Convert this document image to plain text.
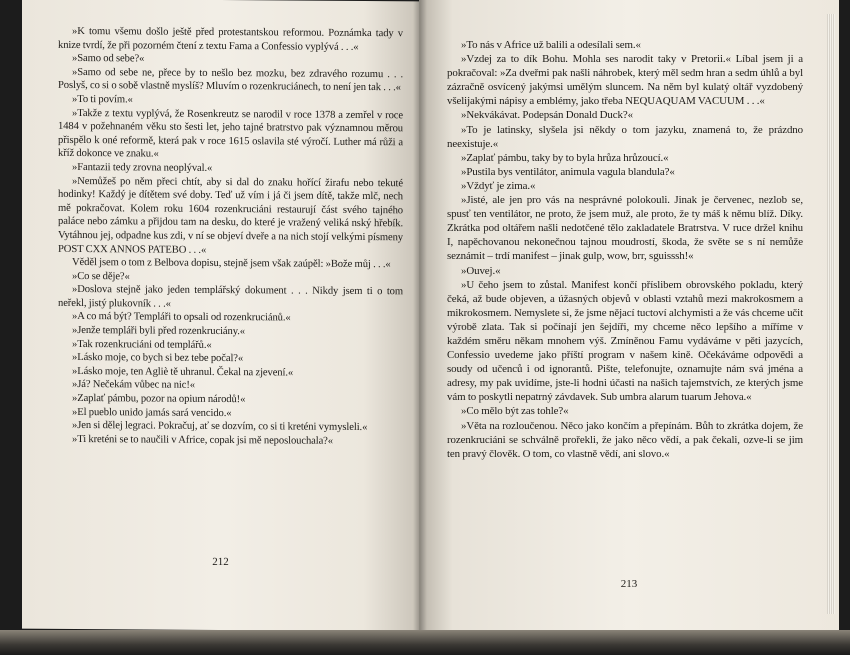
»K tomu všemu došlo ještě před protestantskou reformou. Poznámka tady v knize tvrdí, že při pozorném čtení z textu Fama a Confessio vyplývá . . .«

»Samo od sebe?«

»Samo od sebe ne, přece by to nešlo bez mozku, bez zdravého rozumu . . . Poslyš, co si o sobě vlastně myslíš? Mluvím o rozenkruciánech, to není jen tak . . .«

»To ti povím.«

»Takže z textu vyplývá, že Rosenkreutz se narodil v roce 1378 a zemřel v roce 1484 v požehnaném věku sto šesti let, jeho tajné bratrstvo pak významnou měrou přispělo k oné reformě, která pak v roce 1615 oslavila sté výročí. Luther má růži a kříž dokonce ve znaku.«

»Fantazii tedy zrovna neoplýval.«

»Nemůžeš po něm přeci chtít, aby si dal do znaku hořící žirafu nebo tekuté hodinky! Každý je dítětem své doby. Teď už vím i já či jsem dítě, takže mlč, nech mě pokračovat. Kolem roku 1604 rozenkruciáni restaurují část svého tajného paláce nebo zámku a přijdou tam na desku, do které je vražený veliká nský hřebík. Vytáhnou jej, odpadne kus zdi, v ní se objeví dveře a na nich stojí velkými písmeny POST CXX ANNOS PATEBO . . .«

Věděl jsem o tom z Belbova dopisu, stejně jsem však zaúpěl: »Bože můj . . .«

»Co se děje?«

»Doslova stejně jako jeden templářský dokument . . . Nikdy jsem ti o tom neřekl, jistý plukovník . . .«

»A co má být? Templáři to opsali od rozenkruciánů.«

»Jenže templáři byli před rozenkruciány.«

»Tak rozenkruciáni od templářů.«

»Lásko moje, co bych si bez tebe počal?«

»Lásko moje, ten Agliè tě uhranul. Čekal na zjevení.«

»Já? Nečekám vůbec na nic!«

»Zaplať pámbu, pozor na opium národů!«

»El pueblo unido jamás sará vencido.«

»Jen si dělej legraci. Pokračuj, ať se dozvím, co si ti kreténi vymysleli.«

»Ti kreténi se to naučili v Africe, copak jsi mě neposlouchala?«

212

»To nás v Africe už balili a odesílali sem.«

»Vzdej za to dík Bohu. Mohla ses narodit taky v Pretorii.« Líbal jsem ji a pokračoval: »Za dveřmi pak našli náhrobek, který měl sedm hran a sedm úhlů a byl zázračně osvícený jakýmsi umělým sluncem. Na něm byl kulatý oltář vyzdobený všelijakými nápisy a emblémy, jako třeba NEQUAQUAM VACUUM . . .«

»Nekvákávat. Podepsán Donald Duck?«

»To je latinsky, slyšela jsi někdy o tom jazyku, znamená to, že prázdno neexistuje.«

»Zaplať pámbu, taky by to byla hrůza hrůzoucí.«

»Pustila bys ventilátor, animula vagula blandula?«

»Vždyť je zima.«

»Jisté, ale jen pro vás na nesprávné polokouli. Jinak je červenec, nezlob se, spusť ten ventilátor, ne proto, že jsem muž, ale proto, že ty máš k němu blíž. Díky. Zkrátka pod oltářem našli nedotčené tělo zakladatele Bratrstva. V ruce držel knihu I, napěchovanou nekonečnou tajnou moudrostí, škoda, že světe se s ní nemůže seznámit – trdí manifest – jinak gulp, wow, brr, sguisssh!«

»Ouvej.«

»U čeho jsem to zůstal. Manifest končí příslibem obrovského pokladu, který čeká, až bude objeven, a úžasných objevů v oblasti vztahů mezi makrokosmem a mikrokosmem. Nemyslete si, že jsme nějací tuctoví alchymisti a že vás chceme učit výrobě zlata. Tak si počínají jen šejdíři, my chceme něco lepšího a míříme v každém směru někam mnohem výš. Zmíněnou Famu vydáváme v pěti jazycích, Confessio uvedeme jako příští program v našem kině. Očekáváme odpovědi a soudy od učenců i od ignorantů. Pište, telefonujte, oznamujte nám svá jména a adresy, my pak uvidíme, jste-li hodni účasti na našich tajemstvích, ze kterých jsme vám to poskytli nepatrný závdavek. Sub umbra alarum tuarum Jehova.«

»Co mělo být zas tohle?«

»Věta na rozloučenou. Něco jako končím a přepínám. Bůh to zkrátka dojem, že rozenkruciáni se schválně prořekli, že jako něco vědí, a pak čekali, ozve-li se jim ten pravý člověk. O tom, co vlastně vědí, ani slovo.«

213
